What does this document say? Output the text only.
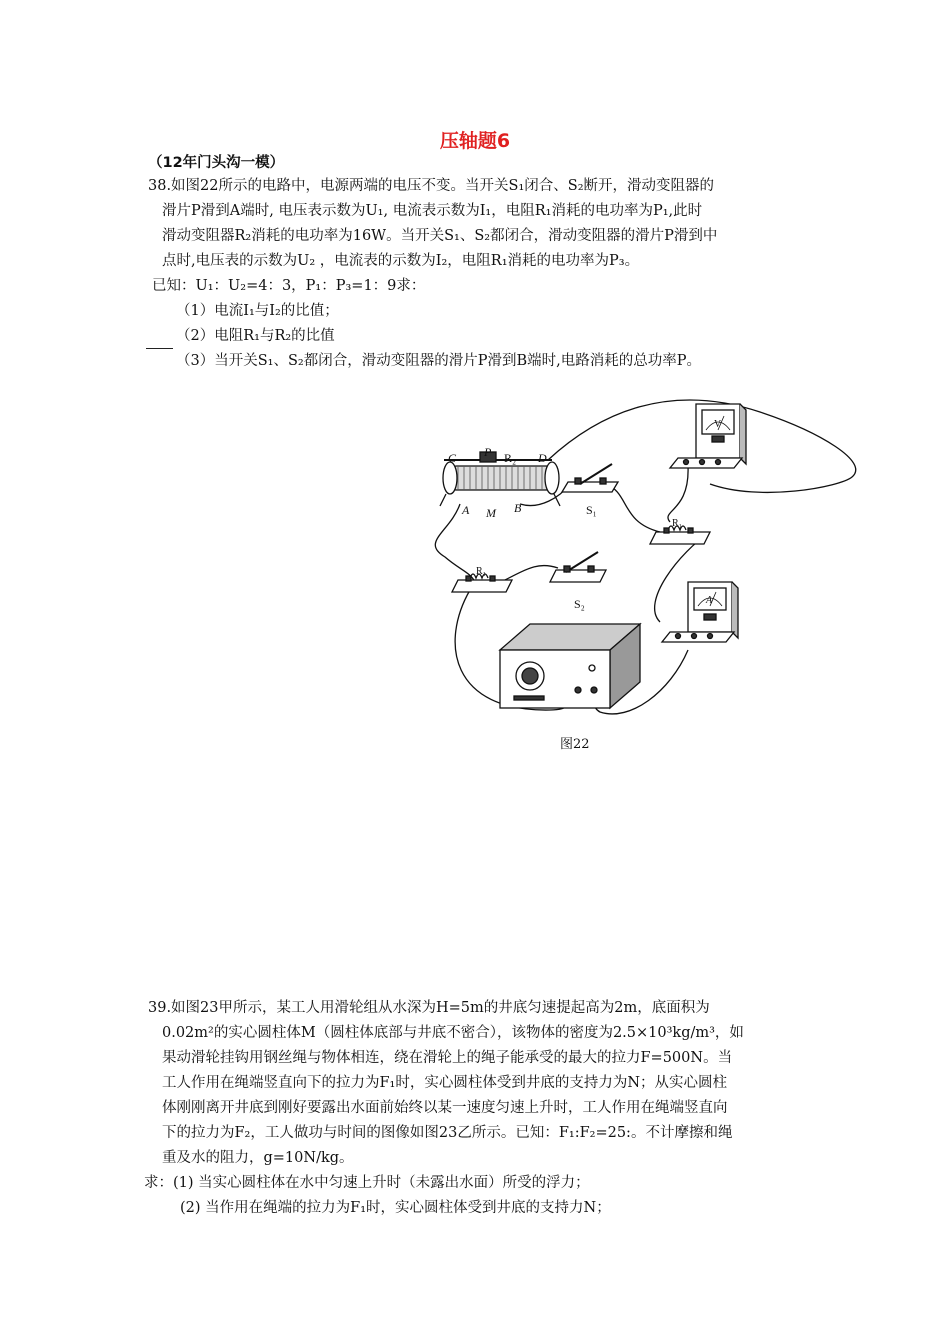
压轴题6
（12年门头沟一模）
38.如图22所示的电路中，电源两端的电压不变。当开关S₁闭合、S₂断开，滑动变阻器的
滑片P滑到A端时, 电压表示数为U₁, 电流表示数为I₁，电阻R₁消耗的电功率为P₁,此时
滑动变阻器R₂消耗的电功率为16W。当开关S₁、S₂都闭合，滑动变阻器的滑片P滑到中
点时,电压表的示数为U₂ ，电流表的示数为I₂，电阻R₁消耗的电功率为P₃。
已知：U₁：U₂=4：3，P₁：P₃=1：9求：
（1）电流I₁与I₂的比值；
（2）电阻R₁与R₂的比值
（3）当开关S₁、S₂都闭合，滑动变阻器的滑片P滑到B端时,电路消耗的总功率P。
C P R₂ D
A M B	S₁
S₂
R₁
R₁
V
A
图22
39.如图23甲所示，某工人用滑轮组从水深为H=5m的井底匀速提起高为2m，底面积为
0.02m²的实心圆柱体M（圆柱体底部与井底不密合），该物体的密度为2.5×10³kg/m³，如
果动滑轮挂钩用钢丝绳与物体相连，绕在滑轮上的绳子能承受的最大的拉力F=500N。当
工人作用在绳端竖直向下的拉力为F₁时，实心圆柱体受到井底的支持力为N；从实心圆柱
体刚刚离开井底到刚好要露出水面前始终以某一速度匀速上升时，工人作用在绳端竖直向
下的拉力为F₂，工人做功与时间的图像如图23乙所示。已知：F₁:F₂=25:。不计摩擦和绳
重及水的阻力，g=10N/kg。
求：(1) 当实心圆柱体在水中匀速上升时（未露出水面）所受的浮力；
(2) 当作用在绳端的拉力为F₁时，实心圆柱体受到井底的支持力N；
